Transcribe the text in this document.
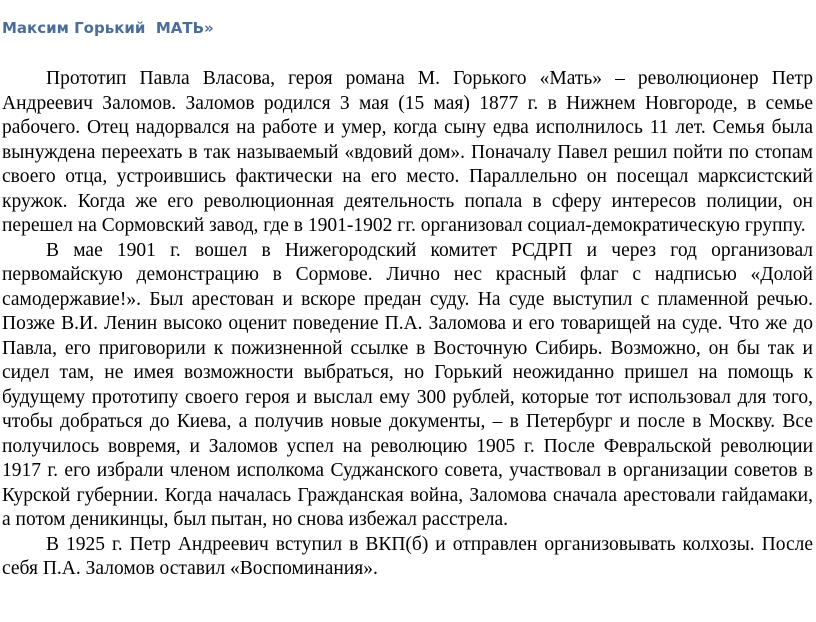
Максим Горький  МАТЬ»

Прототип Павла Власова, героя романа М. Горького «Мать» – революционер Петр Андреевич Заломов. Заломов родился 3 мая (15 мая) 1877 г. в Нижнем Новгороде, в семье рабочего. Отец надорвался на работе и умер, когда сыну едва исполнилось 11 лет. Семья была вынуждена переехать в так называемый «вдовий дом». Поначалу Павел решил пойти по стопам своего отца, устроившись фактически на его место. Параллельно он посещал марксистский кружок. Когда же его революционная деятельность попала в сферу интересов полиции, он перешел на Сормовский завод, где в 1901-1902 гг. организовал социал-демократическую группу.

В мае 1901 г. вошел в Нижегородский комитет РСДРП и через год организовал первомайскую демонстрацию в Сормове. Лично нес красный флаг с надписью «Долой самодержавие!». Был арестован и вскоре предан суду. На суде выступил с пламенной речью. Позже В.И. Ленин высоко оценит поведение П.А. Заломова и его товарищей на суде. Что же до Павла, его приговорили к пожизненной ссылке в Восточную Сибирь. Возможно, он бы так и сидел там, не имея возможности выбраться, но Горький неожиданно пришел на помощь к будущему прототипу своего героя и выслал ему 300 рублей, которые тот использовал для того, чтобы добраться до Киева, а получив новые документы, – в Петербург и после в Москву. Все получилось вовремя, и Заломов успел на революцию 1905 г. После Февральской революции 1917 г. его избрали членом исполкома Суджанского совета, участвовал в организации советов в Курской губернии. Когда началась Гражданская война, Заломова сначала арестовали гайдамаки, а потом деникинцы, был пытан, но снова избежал расстрела.

В 1925 г. Петр Андреевич вступил в ВКП(б) и отправлен организовывать колхозы. После себя П.А. Заломов оставил «Воспоминания».
